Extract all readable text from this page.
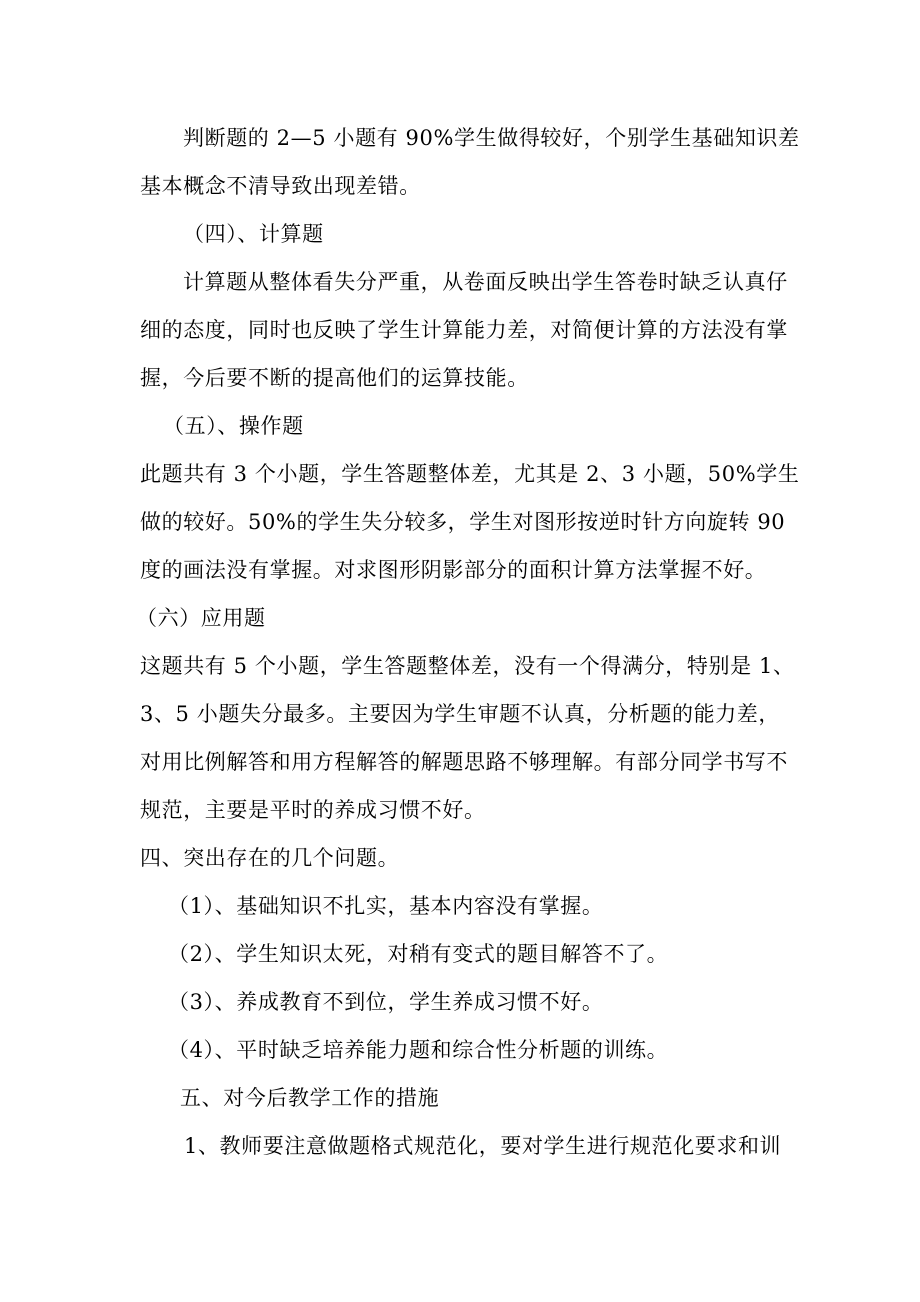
判断题的 2—5 小题有 90%学生做得较好，个别学生基础知识差
基本概念不清导致出现差错。
（四）、计算题
计算题从整体看失分严重，从卷面反映出学生答卷时缺乏认真仔
细的态度，同时也反映了学生计算能力差，对简便计算的方法没有掌
握，今后要不断的提高他们的运算技能。
（五）、操作题
此题共有 3 个小题，学生答题整体差，尤其是 2、3 小题，50%学生
做的较好。50%的学生失分较多，学生对图形按逆时针方向旋转 90
度的画法没有掌握。对求图形阴影部分的面积计算方法掌握不好。
（六）应用题
这题共有 5 个小题，学生答题整体差，没有一个得满分，特别是 1、
3、5 小题失分最多。主要因为学生审题不认真，分析题的能力差，
对用比例解答和用方程解答的解题思路不够理解。有部分同学书写不
规范，主要是平时的养成习惯不好。
四、突出存在的几个问题。
（1）、基础知识不扎实，基本内容没有掌握。
（2）、学生知识太死，对稍有变式的题目解答不了。
（3）、养成教育不到位，学生养成习惯不好。
（4）、平时缺乏培养能力题和综合性分析题的训练。
五、对今后教学工作的措施
1、教师要注意做题格式规范化，要对学生进行规范化要求和训
